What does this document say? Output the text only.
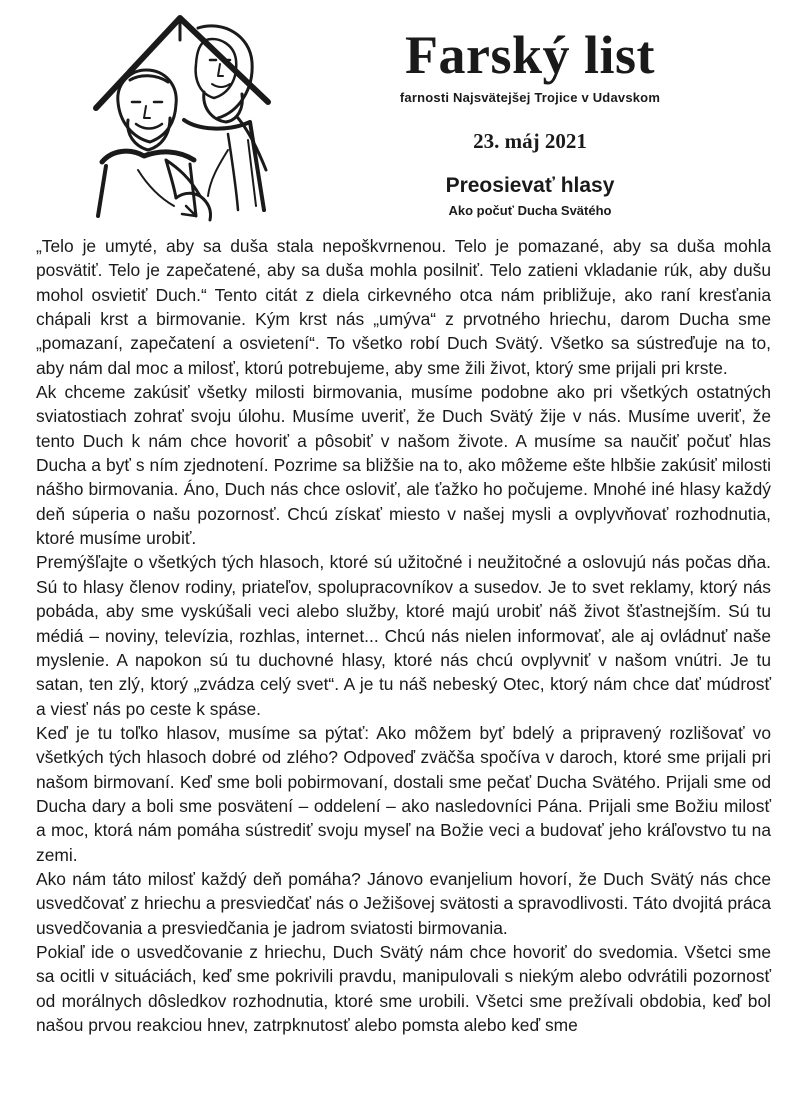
Farský list
farnosti Najsvätejšej Trojice v Udavskom
23. máj 2021
Preosievať hlasy
Ako počuť Ducha Svätého

„Telo je umyté, aby sa duša stala nepoškvrnenou. Telo je pomazané, aby sa duša mohla posvätiť. Telo je zapečatené, aby sa duša mohla posilniť. Telo zatieni vkladanie rúk, aby dušu mohol osvietiť Duch.“ Tento citát z diela cirkevného otca nám približuje, ako raní kresťania chápali krst a birmovanie. Kým krst nás „umýva“ z prvotného hriechu, darom Ducha sme „pomazaní, zapečatení a osvietení“. To všetko robí Duch Svätý. Všetko sa sústreďuje na to, aby nám dal moc a milosť, ktorú potrebujeme, aby sme žili život, ktorý sme prijali pri krste.

Ak chceme zakúsiť všetky milosti birmovania, musíme podobne ako pri všetkých ostatných sviatostiach zohrať svoju úlohu. Musíme uveriť, že Duch Svätý žije v nás. Musíme uveriť, že tento Duch k nám chce hovoriť a pôsobiť v našom živote. A musíme sa naučiť počuť hlas Ducha a byť s ním zjednotení. Pozrime sa bližšie na to, ako môžeme ešte hlbšie zakúsiť milosti nášho birmovania. Áno, Duch nás chce osloviť, ale ťažko ho počujeme. Mnohé iné hlasy každý deň súperia o našu pozornosť. Chcú získať miesto v našej mysli a ovplyvňovať rozhodnutia, ktoré musíme urobiť.

Premýšľajte o všetkých tých hlasoch, ktoré sú užitočné i neužitočné a oslovujú nás počas dňa. Sú to hlasy členov rodiny, priateľov, spolupracovníkov a susedov. Je to svet reklamy, ktorý nás pobáda, aby sme vyskúšali veci alebo služby, ktoré majú urobiť náš život šťastnejším. Sú tu médiá – noviny, televízia, rozhlas, internet... Chcú nás nielen informovať, ale aj ovládnuť naše myslenie. A napokon sú tu duchovné hlasy, ktoré nás chcú ovplyvniť v našom vnútri. Je tu satan, ten zlý, ktorý „zvádza celý svet“. A je tu náš nebeský Otec, ktorý nám chce dať múdrosť a viesť nás po ceste k spáse.

Keď je tu toľko hlasov, musíme sa pýtať: Ako môžem byť bdelý a pripravený rozlišovať vo všetkých tých hlasoch dobré od zlého? Odpoveď zväčša spočíva v daroch, ktoré sme prijali pri našom birmovaní. Keď sme boli pobirmovaní, dostali sme pečať Ducha Svätého. Prijali sme od Ducha dary a boli sme posvätení – oddelení – ako nasledovníci Pána. Prijali sme Božiu milosť a moc, ktorá nám pomáha sústrediť svoju myseľ na Božie veci a budovať jeho kráľovstvo tu na zemi.

Ako nám táto milosť každý deň pomáha? Jánovo evanjelium hovorí, že Duch Svätý nás chce usvedčovať z hriechu a presviedčať nás o Ježišovej svätosti a spravodlivosti. Táto dvojitá práca usvedčovania a presviedčania je jadrom sviatosti birmovania.

Pokiaľ ide o usvedčovanie z hriechu, Duch Svätý nám chce hovoriť do svedomia. Všetci sme sa ocitli v situáciách, keď sme pokrivili pravdu, manipulovali s niekým alebo odvrátili pozornosť od morálnych dôsledkov rozhodnutia, ktoré sme urobili. Všetci sme prežívali obdobia, keď bol našou prvou reakciou hnev, zatrpknutosť alebo pomsta alebo keď sme
